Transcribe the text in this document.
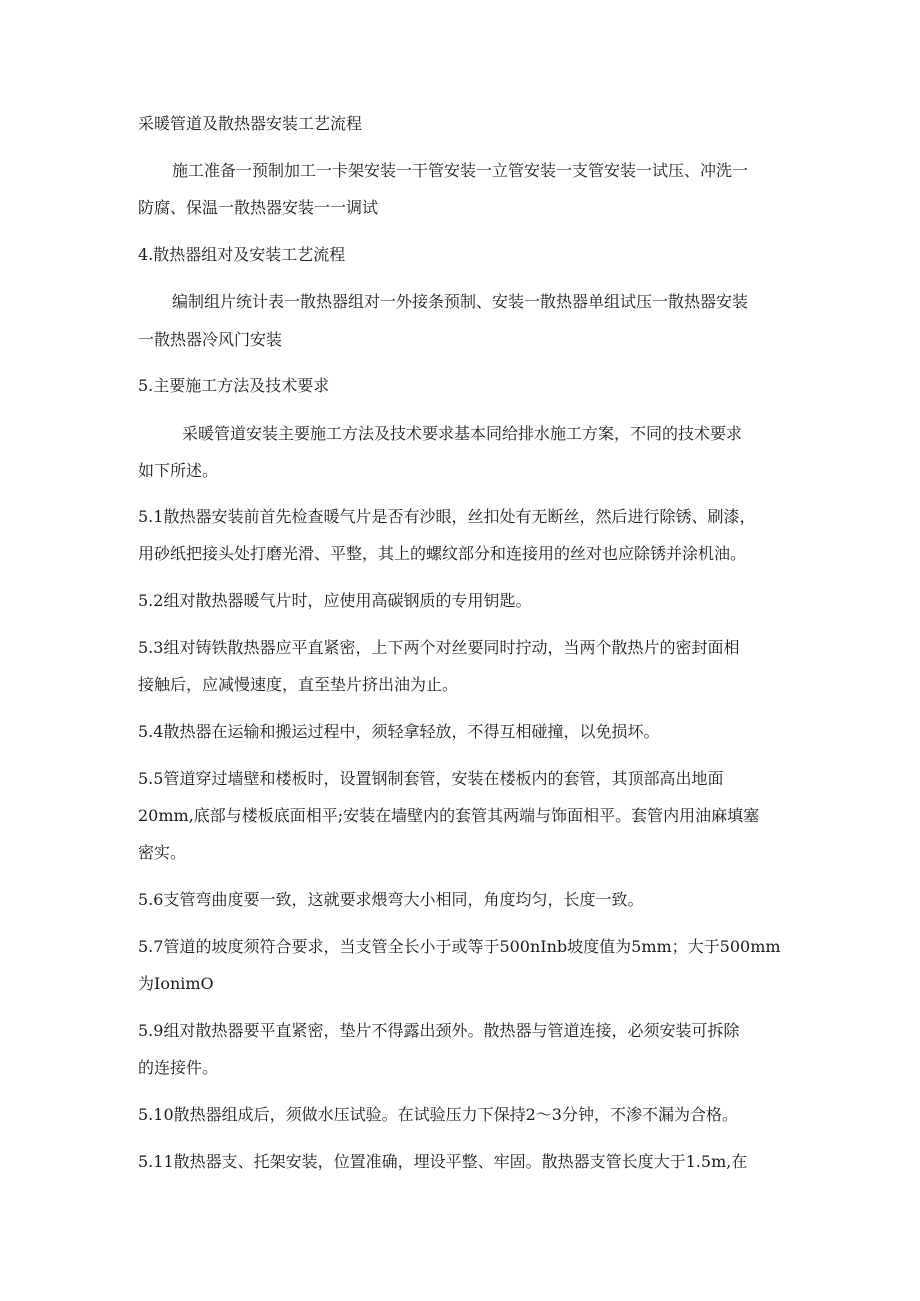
采暖管道及散热器安装工艺流程
施工准备一预制加工一卡架安装一干管安装一立管安装一支管安装一试压、冲洗一
防腐、保温一散热器安装一一调试
4.散热器组对及安装工艺流程
编制组片统计表一散热器组对一外接条预制、安装一散热器单组试压一散热器安装
一散热器冷风门安装
5.主要施工方法及技术要求
采暖管道安装主要施工方法及技术要求基本同给排水施工方案，不同的技术要求
如下所述。
5.1散热器安装前首先检查暖气片是否有沙眼，丝扣处有无断丝，然后进行除锈、刷漆，
用砂纸把接头处打磨光滑、平整，其上的螺纹部分和连接用的丝对也应除锈并涂机油。
5.2组对散热器暖气片时，应使用高碳钢质的专用钥匙。
5.3组对铸铁散热器应平直紧密，上下两个对丝要同时拧动，当两个散热片的密封面相
接触后，应减慢速度，直至垫片挤出油为止。
5.4散热器在运输和搬运过程中，须轻拿轻放，不得互相碰撞，以免损坏。
5.5管道穿过墙壁和楼板时，设置钢制套管，安装在楼板内的套管，其顶部高出地面
20mm,底部与楼板底面相平;安装在墙壁内的套管其两端与饰面相平。套管内用油麻填塞
密实。
5.6支管弯曲度要一致，这就要求煨弯大小相同，角度均匀，长度一致。
5.7管道的坡度须符合要求，当支管全长小于或等于500nInb坡度值为5mm；大于500mm
为IonimO
5.9组对散热器要平直紧密，垫片不得露出颈外。散热器与管道连接，必须安装可拆除
的连接件。
5.10散热器组成后，须做水压试验。在试验压力下保持2～3分钟，不渗不漏为合格。
5.11散热器支、托架安装，位置准确，埋设平整、牢固。散热器支管长度大于1.5m,在
